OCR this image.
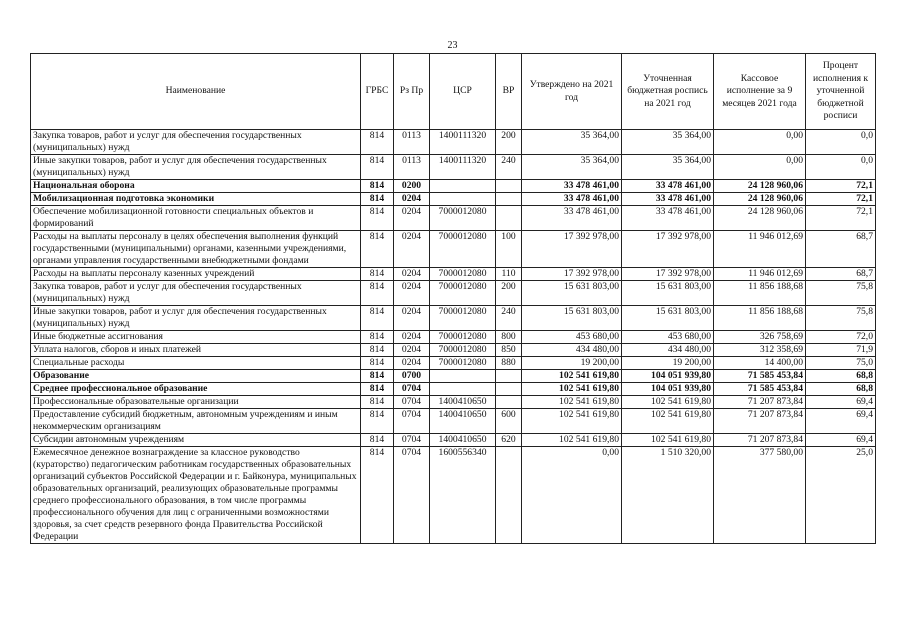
23
Наименование	ГРБС	Рз Пр	ЦСР	ВР	Утверждено на 2021 год	Уточненная бюджетная роспись на 2021 год	Кассовое исполнение за 9 месяцев 2021 года	Процент исполнения к уточненной бюджетной росписи
Закупка товаров, работ и услуг для обеспечения государственных (муниципальных) нужд	814	0113	1400111320	200	35 364,00	35 364,00	0,00	0,0
Иные закупки товаров, работ и услуг для обеспечения государственных (муниципальных) нужд	814	0113	1400111320	240	35 364,00	35 364,00	0,00	0,0
Национальная оборона	814	0200			33 478 461,00	33 478 461,00	24 128 960,06	72,1
Мобилизационная подготовка экономики	814	0204			33 478 461,00	33 478 461,00	24 128 960,06	72,1
Обеспечение мобилизационной готовности специальных объектов и формирований	814	0204	7000012080		33 478 461,00	33 478 461,00	24 128 960,06	72,1
Расходы на выплаты персоналу в целях обеспечения выполнения функций государственными (муниципальными) органами, казенными учреждениями, органами управления государственными внебюджетными фондами	814	0204	7000012080	100	17 392 978,00	17 392 978,00	11 946 012,69	68,7
Расходы на выплаты персоналу казенных учреждений	814	0204	7000012080	110	17 392 978,00	17 392 978,00	11 946 012,69	68,7
Закупка товаров, работ и услуг для обеспечения государственных (муниципальных) нужд	814	0204	7000012080	200	15 631 803,00	15 631 803,00	11 856 188,68	75,8
Иные закупки товаров, работ и услуг для обеспечения государственных (муниципальных) нужд	814	0204	7000012080	240	15 631 803,00	15 631 803,00	11 856 188,68	75,8
Иные бюджетные ассигнования	814	0204	7000012080	800	453 680,00	453 680,00	326 758,69	72,0
Уплата налогов, сборов и иных платежей	814	0204	7000012080	850	434 480,00	434 480,00	312 358,69	71,9
Специальные расходы	814	0204	7000012080	880	19 200,00	19 200,00	14 400,00	75,0
Образование	814	0700			102 541 619,80	104 051 939,80	71 585 453,84	68,8
Среднее профессиональное образование	814	0704			102 541 619,80	104 051 939,80	71 585 453,84	68,8
Профессиональные образовательные организации	814	0704	1400410650		102 541 619,80	102 541 619,80	71 207 873,84	69,4
Предоставление субсидий бюджетным, автономным учреждениям и иным некоммерческим организациям	814	0704	1400410650	600	102 541 619,80	102 541 619,80	71 207 873,84	69,4
Субсидии автономным учреждениям	814	0704	1400410650	620	102 541 619,80	102 541 619,80	71 207 873,84	69,4
Ежемесячное денежное вознаграждение за классное руководство (кураторство) педагогическим работникам государственных образовательных организаций субъектов Российской Федерации и г. Байконура, муниципальных образовательных организаций, реализующих образовательные программы среднего профессионального образования, в том числе программы профессионального обучения для лиц с ограниченными возможностями здоровья, за счет средств резервного фонда Правительства Российской Федерации	814	0704	1600556340		0,00	1 510 320,00	377 580,00	25,0
